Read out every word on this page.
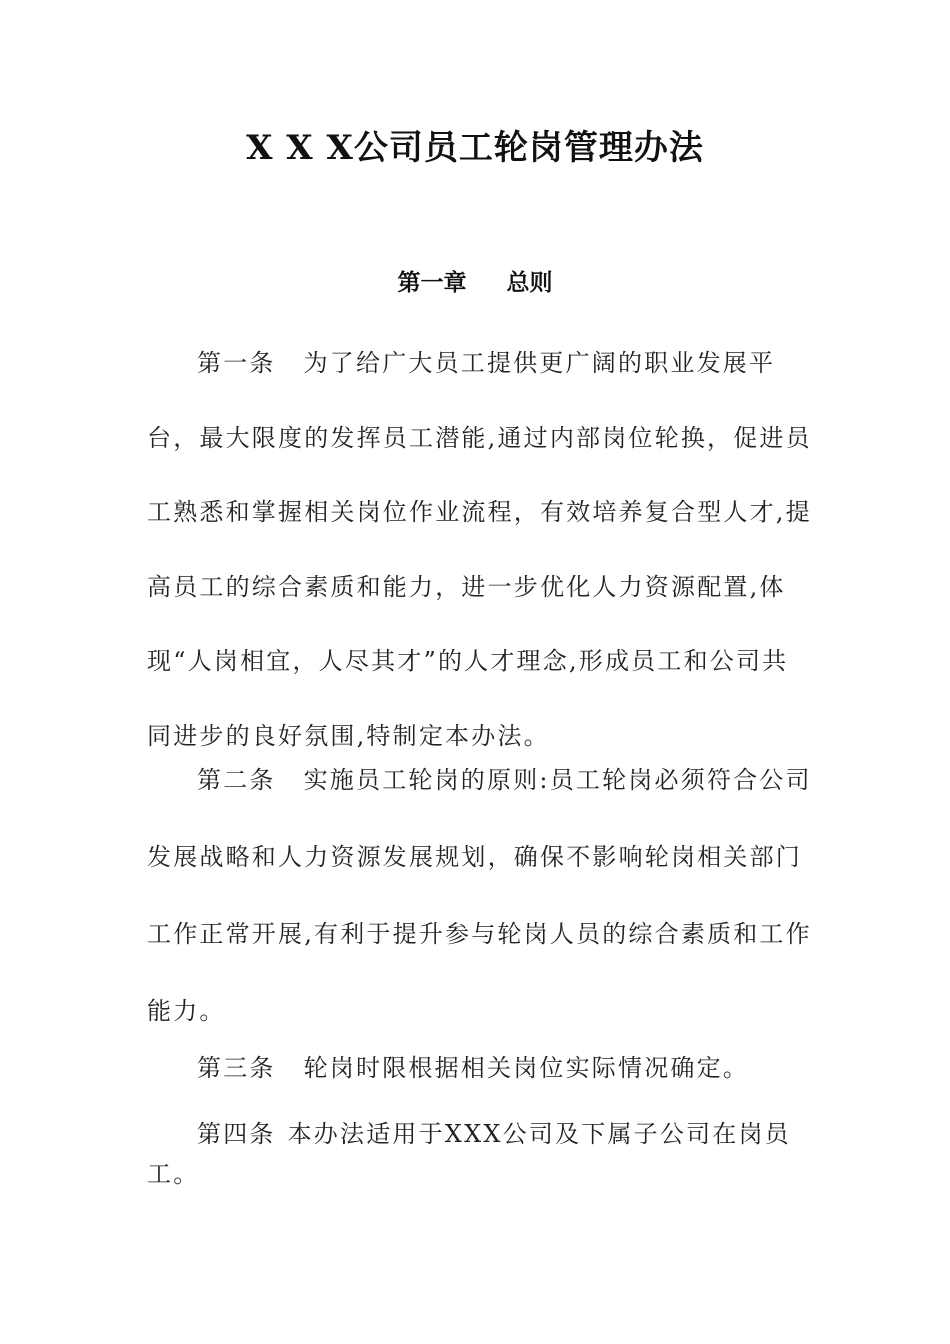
X X X公司员工轮岗管理办法
第一章 总则

第一条 为了给广大员工提供更广阔的职业发展平台，最大限度的发挥员工潜能,通过内部岗位轮换，促进员工熟悉和掌握相关岗位作业流程，有效培养复合型人才,提高员工的综合素质和能力，进一步优化人力资源配置,体现“人岗相宜，人尽其才”的人才理念,形成员工和公司共同进步的良好氛围,特制定本办法。

第二条 实施员工轮岗的原则:员工轮岗必须符合公司发展战略和人力资源发展规划，确保不影响轮岗相关部门工作正常开展,有利于提升参与轮岗人员的综合素质和工作能力。

第三条 轮岗时限根据相关岗位实际情况确定。

第四条 本办法适用于XXX公司及下属子公司在岗员工。
